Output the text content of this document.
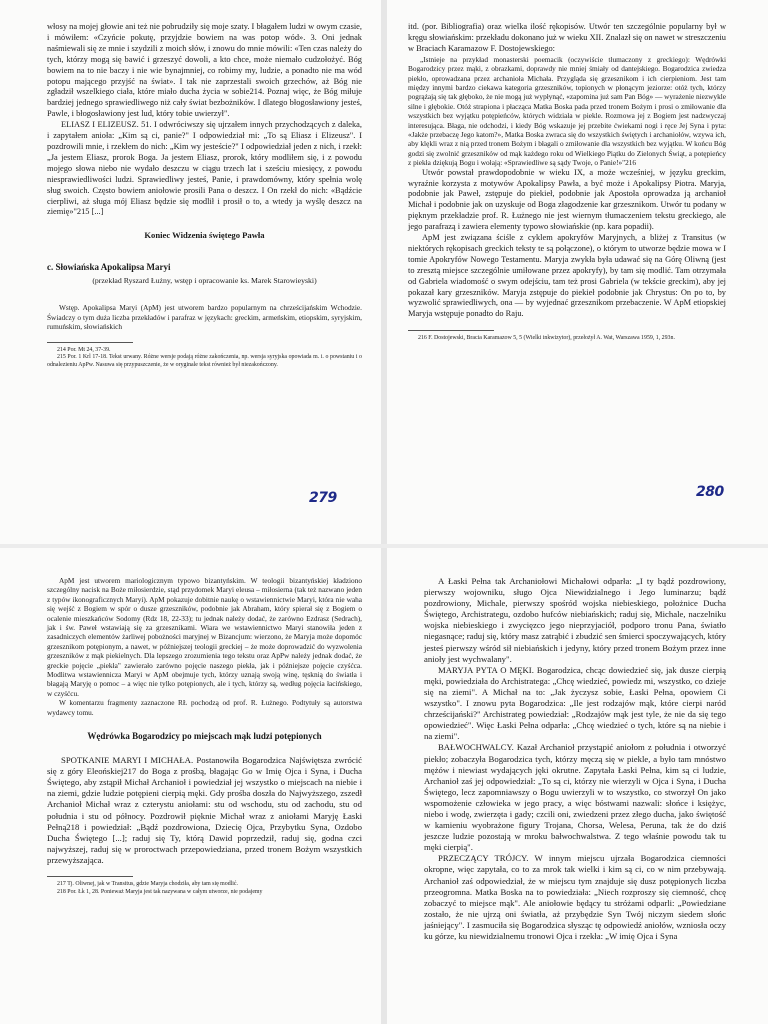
włosy na mojej głowie ani też nie pobrudziły się moje szaty. I błagałem ludzi w owym czasie, i mówiłem: «Czyńcie pokutę, przyjdzie bowiem na was potop wód». 3. Oni jednak naśmiewali się ze mnie i szydzili z moich słów, i znowu do mnie mówili: «Ten czas należy do tych, którzy mogą się bawić i grzeszyć dowoli, a kto chce, może niemało cudzołożyć. Bóg bowiem na to nie baczy i nie wie bynajmniej, co robimy my, ludzie, a ponadto nie ma wód potopu mającego przyjść na świat». I tak nie zaprzestali swoich grzechów, aż Bóg nie zgładził wszelkiego ciała, które miało ducha życia w sobie214. Poznaj więc, że Bóg miłuje bardziej jednego sprawiedliwego niż cały świat bezbożników. I dlatego błogosławiony jesteś, Pawle, i błogosławiony jest lud, który tobie uwierzył".

ELIASZ I ELIZEUSZ. 51. I odwróciwszy się ujrzałem innych przychodzących z daleka, i zapytałem anioła: „Kim są ci, panie?" I odpowiedział mi: „To są Eliasz i Elizeusz". I pozdrowili mnie, i rzekłem do nich: „Kim wy jesteście?" I odpowiedział jeden z nich, i rzekł: „Ja jestem Eliasz, prorok Boga. Ja jestem Eliasz, prorok, który modliłem się, i z powodu mojego słowa niebo nie wydało deszczu w ciągu trzech lat i sześciu miesięcy, z powodu niesprawiedliwości ludzi. Sprawiedliwy jesteś, Panie, i prawdomówny, który spełnia wolę sług swoich. Często bowiem aniołowie prosili Pana o deszcz. I On rzekł do nich: «Bądźcie cierpliwi, aż sługa mój Eliasz będzie się modlił i prosił o to, a wtedy ja wyślę deszcz na ziemię»"215 [...]

Koniec Widzenia świętego Pawła

c. Słowiańska Apokalipsa Maryi

(przekład Ryszard Łużny, wstęp i opracowanie ks. Marek Starowieyski)

Wstęp. Apokalipsa Maryi (ApM) jest utworem bardzo popularnym na chrześcijańskim Wchodzie. Świadczy o tym duża liczba przekładów i parafraz w językach: greckim, armeńskim, etiopskim, syryjskim, rumuńskim, słowiańskich

214 Por. Mt 24, 37-39.

215 Por. 1 Krl 17-18. Tekst urwany. Różne wersje podają różne zakończenia, np. wersja syryjska opowiada m. i. o powstaniu i o odnalezieniu ApPw. Nasuwa się przypuszczenie, że w oryginale tekst również był niezakończony.

279

itd. (por. Bibliografia) oraz wielka ilość rękopisów. Utwór ten szczególnie popularny był w kręgu słowiańskim: przekładu dokonano już w wieku XII. Znalazł się on nawet w streszczeniu w Braciach Karamazow F. Dostojewskiego:

„Istnieje na przykład monasterski poemacik (oczywiście tłumaczony z greckiego): Wędrówki Bogarodzicy przez mąki, z obrazkami, doprawdy nie mniej śmiały od dantejskiego. Bogarodzica zwiedza piekło, oprowadzana przez archanioła Michała. Przygląda się grzesznikom i ich cierpieniom. Jest tam między innymi bardzo ciekawa kategoria grzeszników, topionych w płonącym jeziorze: otóż tych, którzy pogrążają się tak głęboko, że nie mogą już wypłynąć, «zapomina już sam Pan Bóg» — wyrażenie niezwykle silne i głębokie. Otóż strapiona i płacząca Matka Boska pada przed tronem Bożym i prosi o zmiłowanie dla wszystkich bez wyjątku potępieńców, których widziała w piekle. Rozmowa jej z Bogiem jest nadzwyczaj interesująca. Błaga, nie odchodzi, i kiedy Bóg wskazuje jej przebite ćwiekami nogi i ręce Jej Syna i pyta: «Jakże przebaczę Jego katom?», Matka Boska zwraca się do wszystkich świętych i archaniołów, wzywa ich, aby klękli wraz z nią przed tronem Bożym i błagali o zmiłowanie dla wszystkich bez wyjątku. W końcu Bóg godzi się zwolnić grzeszników od mąk każdego roku od Wielkiego Piątku do Zielonych Świąt, a potępieńcy z piekła dziękują Bogu i wołają: «Sprawiedliwe są sądy Twoje, o Panie!»"216

Utwór powstał prawdopodobnie w wieku IX, a może wcześniej, w języku greckim, wyraźnie korzysta z motywów Apokalipsy Pawła, a być może i Apokalipsy Piotra. Maryja, podobnie jak Paweł, zstępuje do piekieł, podobnie jak Apostoła oprowadza ją archanioł Michał i podobnie jak on uzyskuje od Boga złagodzenie kar grzesznikom. Utwór tu podany w pięknym przekładzie prof. R. Łużnego nie jest wiernym tłumaczeniem tekstu greckiego, ale jego parafrazą i zawiera elementy typowo słowiańskie (np. kara popadii).

ApM jest związana ściśle z cyklem apokryfów Maryjnych, a bliżej z Transitus (w niektórych rękopisach greckich teksty te są połączone), o którym to utworze będzie mowa w I tomie Apokryfów Nowego Testamentu. Maryja zwykła była udawać się na Górę Oliwną (jest to zresztą miejsce szczególnie umiłowane przez apokryfy), by tam się modlić. Tam otrzymała od Gabriela wiadomość o swym odejściu, tam też prosi Gabriela (w tekście greckim), aby jej pokazał kary grzeszników. Maryja zstępuje do piekieł podobnie jak Chrystus: On po to, by wyzwolić sprawiedliwych, ona — by wyjednać grzesznikom przebaczenie. W ApM etiopskiej Maryja wstępuje ponadto do Raju.

216 F. Dostojewski, Bracia Karamazow 5, 5 (Wielki inkwizytor), przełożył A. Wat, Warszawa 1959, 1, 293n.

280

ApM jest utworem mariologicznym typowo bizantyńskim. W teologii bizantyńskiej kładziono szczególny nacisk na Boże miłosierdzie, stąd przydomek Maryi eleusa – miłosierna (tak też nazwano jeden z typów ikonograficznych Maryi). ApM pokazuje dobitnie naukę o wstawiennictwie Maryi, która nie waha się wejść z Bogiem w spór o dusze grzeszników, podobnie jak Abraham, który spierał się z Bogiem o ocalenie mieszkańców Sodomy (Rdz 18, 22-33); tu jednak należy dodać, że zarówno Ezdrasz (Sedrach), jak i św. Paweł wstawiają się za grzesznikami. Wiara we wstawiennictwo Maryi stanowiła jeden z zasadniczych elementów żarliwej pobożności maryjnej w Bizancjum: wierzono, że Maryja może dopomóc grzesznikom potępionym, a nawet, w późniejszej teologii greckiej – że może doprowadzić do wyzwolenia grzeszników z mąk piekielnych. Dla lepszego zrozumienia tego tekstu oraz ApPw należy jednak dodać, że greckie pojęcie „piekła" zawierało zarówno pojęcie naszego piekła, jak i późniejsze pojęcie czyśćca. Modlitwa wstawiennicza Maryi w ApM obejmuje tych, którzy uznają swoją winę, tęsknią do światła i błagają Maryję o pomoc – a więc nie tylko potępionych, ale i tych, którzy są, według pojęcia łacińskiego, w czyśćcu.

W komentarzu fragmenty zaznaczone RŁ pochodzą od prof. R. Łużnego. Podtytuły są autorstwa wydawcy tomu.

Wędrówka Bogarodzicy po miejscach mąk ludzi potępionych

SPOTKANIE MARYI I MICHAŁA. Postanowiła Bogarodzica Najświętsza zwrócić się z góry Eleońskiej217 do Boga z prośbą, błagając Go w Imię Ojca i Syna, i Ducha Świętego, aby zstąpił Michał Archanioł i powiedział jej wszystko o miejscach na niebie i na ziemi, gdzie ludzie potępieni cierpią męki. Gdy prośba doszła do Najwyższego, zszedł Archanioł Michał wraz z czterystu aniołami: stu od wschodu, stu od zachodu, stu od południa i stu od północy. Pozdrowił pięknie Michał wraz z aniołami Maryję Łaski Pełną218 i powiedział: „Bądź pozdrowiona, Dziecię Ojca, Przybytku Syna, Ozdobo Ducha Świętego [...]; raduj się Ty, którą Dawid poprzedził, raduj się, godna czci najwyższej, raduj się w proroctwach przepowiedziana, przed tronem Bożym wszystkich przewyższająca.

217 Tj. Oliwnej, jak w Transitus, gdzie Maryja chodziła, aby tam się modlić.

218 Por. Łk 1, 28. Ponieważ Maryja jest tak nazywana w całym utworze, nie podajemy

A Łaski Pełna tak Archaniołowi Michałowi odparła: „I ty bądź pozdrowiony, pierwszy wojowniku, sługo Ojca Niewidzialnego i Jego luminarzu; bądź pozdrowiony, Michale, pierwszy spośród wojska niebieskiego, położnice Ducha Świętego, Archistrategu, ozdobo hufców niebiańskich; raduj się, Michale, naczelniku wojska niebieskiego i zwycięzco jego nieprzyjaciół, podporo tronu Pana, światło niegasnące; raduj się, który masz zatrąbić i zbudzić sen śmierci spoczywających, który jesteś pierwszy wśród sił niebiańskich i jedyny, który przed tronem Bożym przez inne anioły jest wychwalany".

MARYJA PYTA O MĘKI. Bogarodzica, chcąc dowiedzieć się, jak dusze cierpią męki, powiedziała do Archistratega: „Chcę wiedzieć, powiedz mi, wszystko, co dzieje się na ziemi". A Michał na to: „Jak życzysz sobie, Łaski Pełna, opowiem Ci wszystko". I znowu pyta Bogarodzica: „Ile jest rodzajów mąk, które cierpi naród chrześcijański?" Archistrateg powiedział: „Rodzajów mąk jest tyle, że nie da się tego opowiedzieć". Więc Łaski Pełna odparła: „Chcę wiedzieć o tych, które są na niebie i na ziemi".

BAŁWOCHWALCY. Kazał Archanioł przystąpić aniołom z południa i otworzyć piekło; zobaczyła Bogarodzica tych, którzy męczą się w piekle, a było tam mnóstwo mężów i niewiast wydających jęki okrutne. Zapytała Łaski Pełna, kim są ci ludzie, Archanioł zaś jej odpowiedział: „To są ci, którzy nie wierzyli w Ojca i Syna, i Ducha Świętego, lecz zapomniawszy o Bogu uwierzyli w to wszystko, co stworzył On jako wspomożenie człowieka w jego pracy, a więc bóstwami nazwali: słońce i księżyc, niebo i wodę, zwierzęta i gady; czcili oni, zwiedzeni przez złego ducha, jako świętość w kamieniu wyobrażone figury Trojana, Chorsa, Welesa, Peruna, tak że do dziś jeszcze ludzie pozostają w mroku bałwochwalstwa. Z tego właśnie powodu tak tu męki cierpią".

PRZECZĄCY TRÓJCY. W innym miejscu ujrzała Bogarodzica ciemności okropne, więc zapytała, co to za mrok tak wielki i kim są ci, co w nim przebywają. Archanioł zaś odpowiedział, że w miejscu tym znajduje się dusz potępionych liczba przeogromna. Matka Boska na to powiedziała: „Niech rozproszy się ciemność, chcę zobaczyć to miejsce mąk". Ale aniołowie będący tu stróżami odparli: „Powiedziane zostało, że nie ujrzą oni światła, aż przybędzie Syn Twój niczym siedem słońc jaśniejący". I zasmuciła się Bogarodzica słysząc tę odpowiedź aniołów, wzniosła oczy ku górze, ku niewidzialnemu tronowi Ojca i rzekła: „W imię Ojca i Syna
